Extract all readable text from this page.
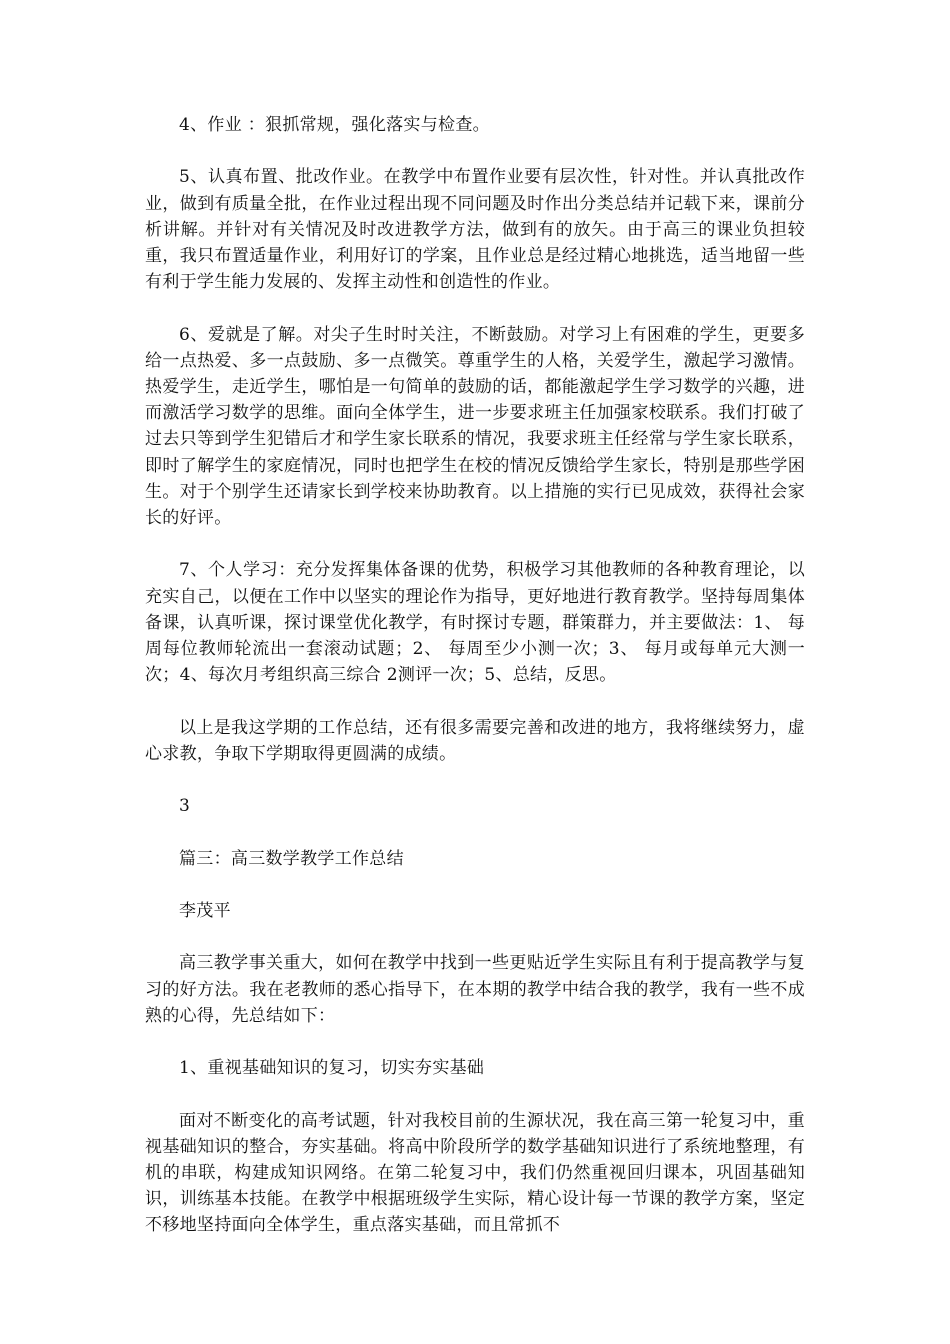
4、作业 ：狠抓常规，强化落实与检查。

5、认真布置、批改作业。在教学中布置作业要有层次性，针对性。并认真批改作业，做到有质量全批，在作业过程出现不同问题及时作出分类总结并记载下来，课前分析讲解。并针对有关情况及时改进教学方法，做到有的放矢。由于高三的课业负担较重，我只布置适量作业，利用好订的学案，且作业总是经过精心地挑选，适当地留一些有利于学生能力发展的、发挥主动性和创造性的作业。

6、爱就是了解。对尖子生时时关注，不断鼓励。对学习上有困难的学生，更要多给一点热爱、多一点鼓励、多一点微笑。尊重学生的人格，关爱学生，激起学习激情。热爱学生，走近学生，哪怕是一句简单的鼓励的话，都能激起学生学习数学的兴趣，进而激活学习数学的思维。面向全体学生，进一步要求班主任加强家校联系。我们打破了过去只等到学生犯错后才和学生家长联系的情况，我要求班主任经常与学生家长联系，即时了解学生的家庭情况，同时也把学生在校的情况反馈给学生家长，特别是那些学困生。对于个别学生还请家长到学校来协助教育。以上措施的实行已见成效，获得社会家长的好评。

7、个人学习：充分发挥集体备课的优势，积极学习其他教师的各种教育理论，以充实自己，以便在工作中以坚实的理论作为指导，更好地进行教育教学。坚持每周集体备课，认真听课，探讨课堂优化教学，有时探讨专题，群策群力，并主要做法：1、 每周每位教师轮流出一套滚动试题；2、 每周至少小测一次；3、 每月或每单元大测一次；4、每次月考组织高三综合 2测评一次；5、总结，反思。

以上是我这学期的工作总结，还有很多需要完善和改进的地方，我将继续努力，虚心求教，争取下学期取得更圆满的成绩。

3

篇三：高三数学教学工作总结

李茂平

高三教学事关重大，如何在教学中找到一些更贴近学生实际且有利于提高教学与复习的好方法。我在老教师的悉心指导下，在本期的教学中结合我的教学，我有一些不成熟的心得，先总结如下：

1、重视基础知识的复习，切实夯实基础

面对不断变化的高考试题，针对我校目前的生源状况，我在高三第一轮复习中，重视基础知识的整合，夯实基础。将高中阶段所学的数学基础知识进行了系统地整理，有机的串联，构建成知识网络。在第二轮复习中，我们仍然重视回归课本，巩固基础知识，训练基本技能。在教学中根据班级学生实际，精心设计每一节课的教学方案，坚定不移地坚持面向全体学生，重点落实基础，而且常抓不
